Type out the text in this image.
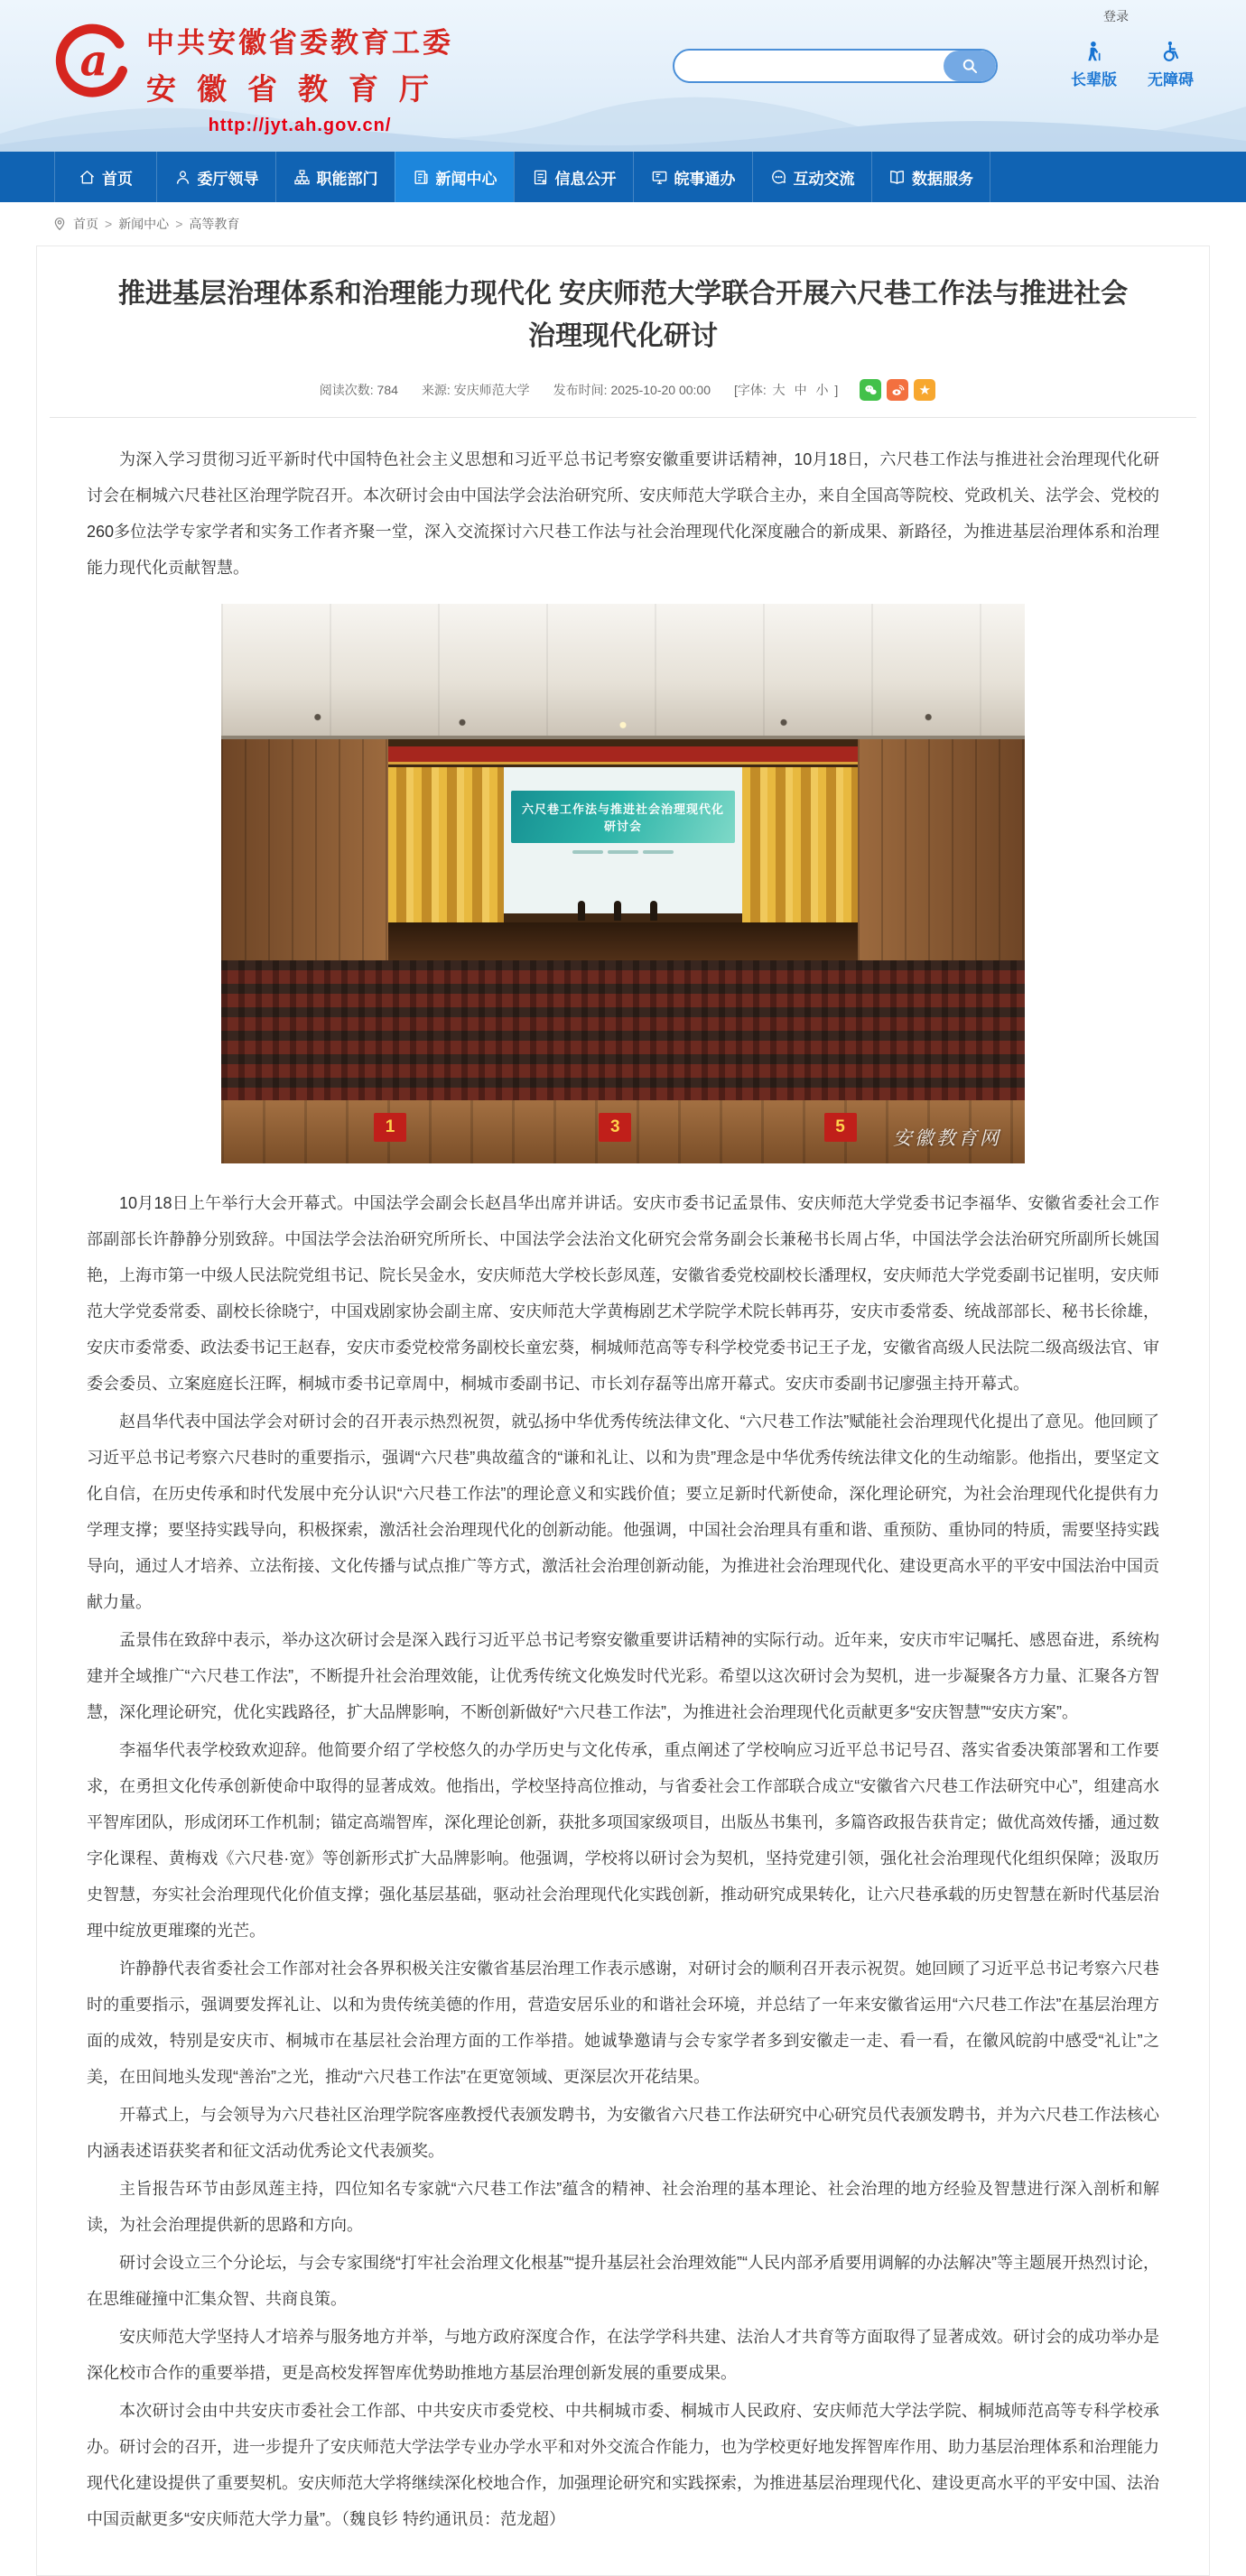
登录
a 中共安徽省委教育工委
安徽省教育厅
http://jyt.ah.gov.cn/
长辈版 无障碍
首页	委厅领导	职能部门	新闻中心	信息公开	皖事通办	互动交流	数据服务
首页 > 新闻中心 > 高等教育
推进基层治理体系和治理能力现代化 安庆师范大学联合开展六尺巷工作法与推进社会治理现代化研讨
阅读次数: 784 来源: 安庆师范大学 发布时间: 2025-10-20 00:00 [字体: 大 中 小 ]	★

为深入学习贯彻习近平新时代中国特色社会主义思想和习近平总书记考察安徽重要讲话精神，10月18日，六尺巷工作法与推进社会治理现代化研讨会在桐城六尺巷社区治理学院召开。本次研讨会由中国法学会法治研究所、安庆师范大学联合主办，来自全国高等院校、党政机关、法学会、党校的260多位法学专家学者和实务工作者齐聚一堂，深入交流探讨六尺巷工作法与社会治理现代化深度融合的新成果、新路径，为推进基层治理体系和治理能力现代化贡献智慧。

六尺巷工作法与推进社会治理现代化研讨会
1	3	5
安徽教育网

10月18日上午举行大会开幕式。中国法学会副会长赵昌华出席并讲话。安庆市委书记孟景伟、安庆师范大学党委书记李福华、安徽省委社会工作部副部长许静静分别致辞。中国法学会法治研究所所长、中国法学会法治文化研究会常务副会长兼秘书长周占华，中国法学会法治研究所副所长姚国艳，上海市第一中级人民法院党组书记、院长吴金水，安庆师范大学校长彭凤莲，安徽省委党校副校长潘理权，安庆师范大学党委副书记崔明，安庆师范大学党委常委、副校长徐晓宁，中国戏剧家协会副主席、安庆师范大学黄梅剧艺术学院学术院长韩再芬，安庆市委常委、统战部部长、秘书长徐雄，安庆市委常委、政法委书记王赵春，安庆市委党校常务副校长童宏葵，桐城师范高等专科学校党委书记王子龙，安徽省高级人民法院二级高级法官、审委会委员、立案庭庭长汪晖，桐城市委书记章周中，桐城市委副书记、市长刘存磊等出席开幕式。安庆市委副书记廖强主持开幕式。

赵昌华代表中国法学会对研讨会的召开表示热烈祝贺，就弘扬中华优秀传统法律文化、“六尺巷工作法”赋能社会治理现代化提出了意见。他回顾了习近平总书记考察六尺巷时的重要指示，强调“六尺巷”典故蕴含的“谦和礼让、以和为贵”理念是中华优秀传统法律文化的生动缩影。他指出，要坚定文化自信，在历史传承和时代发展中充分认识“六尺巷工作法”的理论意义和实践价值；要立足新时代新使命，深化理论研究，为社会治理现代化提供有力学理支撑；要坚持实践导向，积极探索，激活社会治理现代化的创新动能。他强调，中国社会治理具有重和谐、重预防、重协同的特质，需要坚持实践导向，通过人才培养、立法衔接、文化传播与试点推广等方式，激活社会治理创新动能，为推进社会治理现代化、建设更高水平的平安中国法治中国贡献力量。

孟景伟在致辞中表示，举办这次研讨会是深入践行习近平总书记考察安徽重要讲话精神的实际行动。近年来，安庆市牢记嘱托、感恩奋进，系统构建并全域推广“六尺巷工作法”，不断提升社会治理效能，让优秀传统文化焕发时代光彩。希望以这次研讨会为契机，进一步凝聚各方力量、汇聚各方智慧，深化理论研究，优化实践路径，扩大品牌影响，不断创新做好“六尺巷工作法”，为推进社会治理现代化贡献更多“安庆智慧”“安庆方案”。

李福华代表学校致欢迎辞。他简要介绍了学校悠久的办学历史与文化传承，重点阐述了学校响应习近平总书记号召、落实省委决策部署和工作要求，在勇担文化传承创新使命中取得的显著成效。他指出，学校坚持高位推动，与省委社会工作部联合成立“安徽省六尺巷工作法研究中心”，组建高水平智库团队，形成闭环工作机制；锚定高端智库，深化理论创新，获批多项国家级项目，出版丛书集刊，多篇咨政报告获肯定；做优高效传播，通过数字化课程、黄梅戏《六尺巷·宽》等创新形式扩大品牌影响。他强调，学校将以研讨会为契机，坚持党建引领，强化社会治理现代化组织保障；汲取历史智慧，夯实社会治理现代化价值支撑；强化基层基础，驱动社会治理现代化实践创新，推动研究成果转化，让六尺巷承载的历史智慧在新时代基层治理中绽放更璀璨的光芒。

许静静代表省委社会工作部对社会各界积极关注安徽省基层治理工作表示感谢，对研讨会的顺利召开表示祝贺。她回顾了习近平总书记考察六尺巷时的重要指示，强调要发挥礼让、以和为贵传统美德的作用，营造安居乐业的和谐社会环境，并总结了一年来安徽省运用“六尺巷工作法”在基层治理方面的成效，特别是安庆市、桐城市在基层社会治理方面的工作举措。她诚挚邀请与会专家学者多到安徽走一走、看一看，在徽风皖韵中感受“礼让”之美，在田间地头发现“善治”之光，推动“六尺巷工作法”在更宽领域、更深层次开花结果。

开幕式上，与会领导为六尺巷社区治理学院客座教授代表颁发聘书，为安徽省六尺巷工作法研究中心研究员代表颁发聘书，并为六尺巷工作法核心内涵表述语获奖者和征文活动优秀论文代表颁奖。

主旨报告环节由彭凤莲主持，四位知名专家就“六尺巷工作法”蕴含的精神、社会治理的基本理论、社会治理的地方经验及智慧进行深入剖析和解读，为社会治理提供新的思路和方向。

研讨会设立三个分论坛，与会专家围绕“打牢社会治理文化根基”“提升基层社会治理效能”“人民内部矛盾要用调解的办法解决”等主题展开热烈讨论，在思维碰撞中汇集众智、共商良策。

安庆师范大学坚持人才培养与服务地方并举，与地方政府深度合作，在法学学科共建、法治人才共育等方面取得了显著成效。研讨会的成功举办是深化校市合作的重要举措，更是高校发挥智库优势助推地方基层治理创新发展的重要成果。

本次研讨会由中共安庆市委社会工作部、中共安庆市委党校、中共桐城市委、桐城市人民政府、安庆师范大学法学院、桐城师范高等专科学校承办。研讨会的召开，进一步提升了安庆师范大学法学专业办学水平和对外交流合作能力，也为学校更好地发挥智库作用、助力基层治理体系和治理能力现代化建设提供了重要契机。安庆师范大学将继续深化校地合作，加强理论研究和实践探索，为推进基层治理现代化、建设更高水平的平安中国、法治中国贡献更多“安庆师范大学力量”。（魏良钐 特约通讯员：范龙超）
